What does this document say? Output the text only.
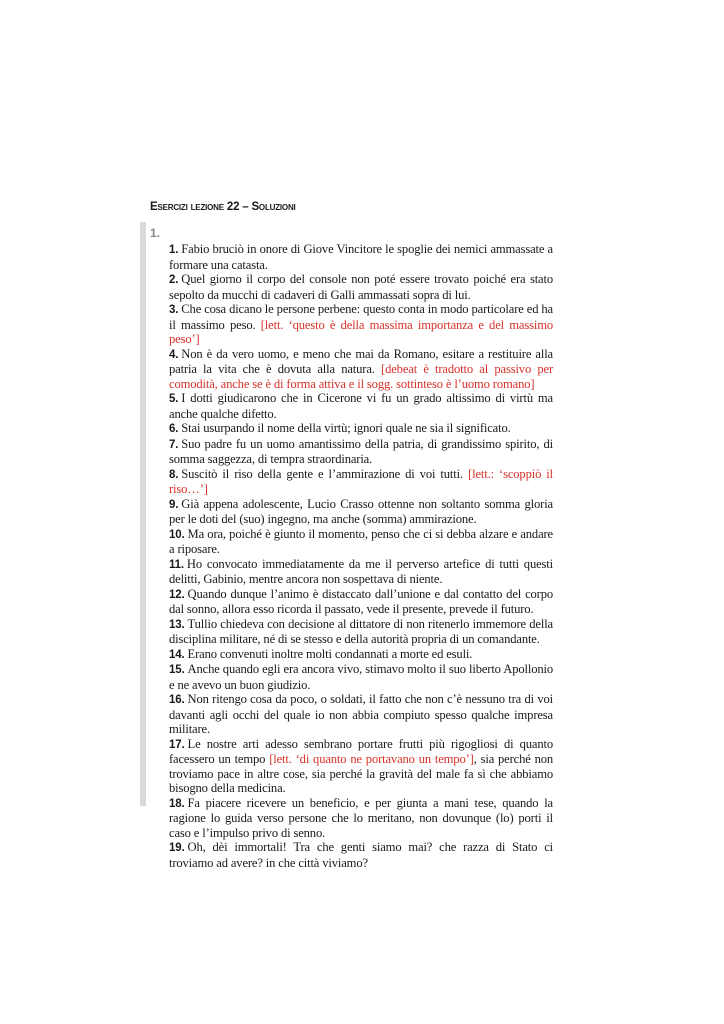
Esercizi lezione 22 – Soluzioni
1.

1. Fabio bruciò in onore di Giove Vincitore le spoglie dei nemici ammassate a formare una catasta.

2. Quel giorno il corpo del console non poté essere trovato poiché era stato sepolto da mucchi di cadaveri di Galli ammassati sopra di lui.

3. Che cosa dicano le persone perbene: questo conta in modo particolare ed ha il massimo peso. [lett. ‘questo è della massima importanza e del massimo peso’]

4. Non è da vero uomo, e meno che mai da Romano, esitare a restituire alla patria la vita che è dovuta alla natura. [debeat è tradotto al passivo per comodità, anche se è di forma attiva e il sogg. sottinteso è l’uomo romano]

5. I dotti giudicarono che in Cicerone vi fu un grado altissimo di virtù ma anche qualche difetto.

6. Stai usurpando il nome della virtù; ignori quale ne sia il significato.

7. Suo padre fu un uomo amantissimo della patria, di grandissimo spirito, di somma saggezza, di tempra straordinaria.

8. Suscitò il riso della gente e l’ammirazione di voi tutti. [lett.: ‘scoppiò il riso…’]

9. Già appena adolescente, Lucio Crasso ottenne non soltanto somma gloria per le doti del (suo) ingegno, ma anche (somma) ammirazione.

10. Ma ora, poiché è giunto il momento, penso che ci si debba alzare e andare a riposare.

11. Ho convocato immediatamente da me il perverso artefice di tutti questi delitti, Gabinio, mentre ancora non sospettava di niente.

12. Quando dunque l’animo è distaccato dall’unione e dal contatto del corpo dal sonno, allora esso ricorda il passato, vede il presente, prevede il futuro.

13. Tullio chiedeva con decisione al dittatore di non ritenerlo immemore della disciplina militare, né di se stesso e della autorità propria di un comandante.

14. Erano convenuti inoltre molti condannati a morte ed esuli.

15. Anche quando egli era ancora vivo, stimavo molto il suo liberto Apollonio e ne avevo un buon giudizio.

16. Non ritengo cosa da poco, o soldati, il fatto che non c’è nessuno tra di voi davanti agli occhi del quale io non abbia compiuto spesso qualche impresa militare.

17. Le nostre arti adesso sembrano portare frutti più rigogliosi di quanto facessero un tempo [lett. ‘di quanto ne portavano un tempo’], sia perché non troviamo pace in altre cose, sia perché la gravità del male fa sì che abbiamo bisogno della medicina.

18. Fa piacere ricevere un beneficio, e per giunta a mani tese, quando la ragione lo guida verso persone che lo meritano, non dovunque (lo) porti il caso e l’impulso privo di senno.

19. Oh, dèi immortali! Tra che genti siamo mai? che razza di Stato ci troviamo ad avere? in che città viviamo?
